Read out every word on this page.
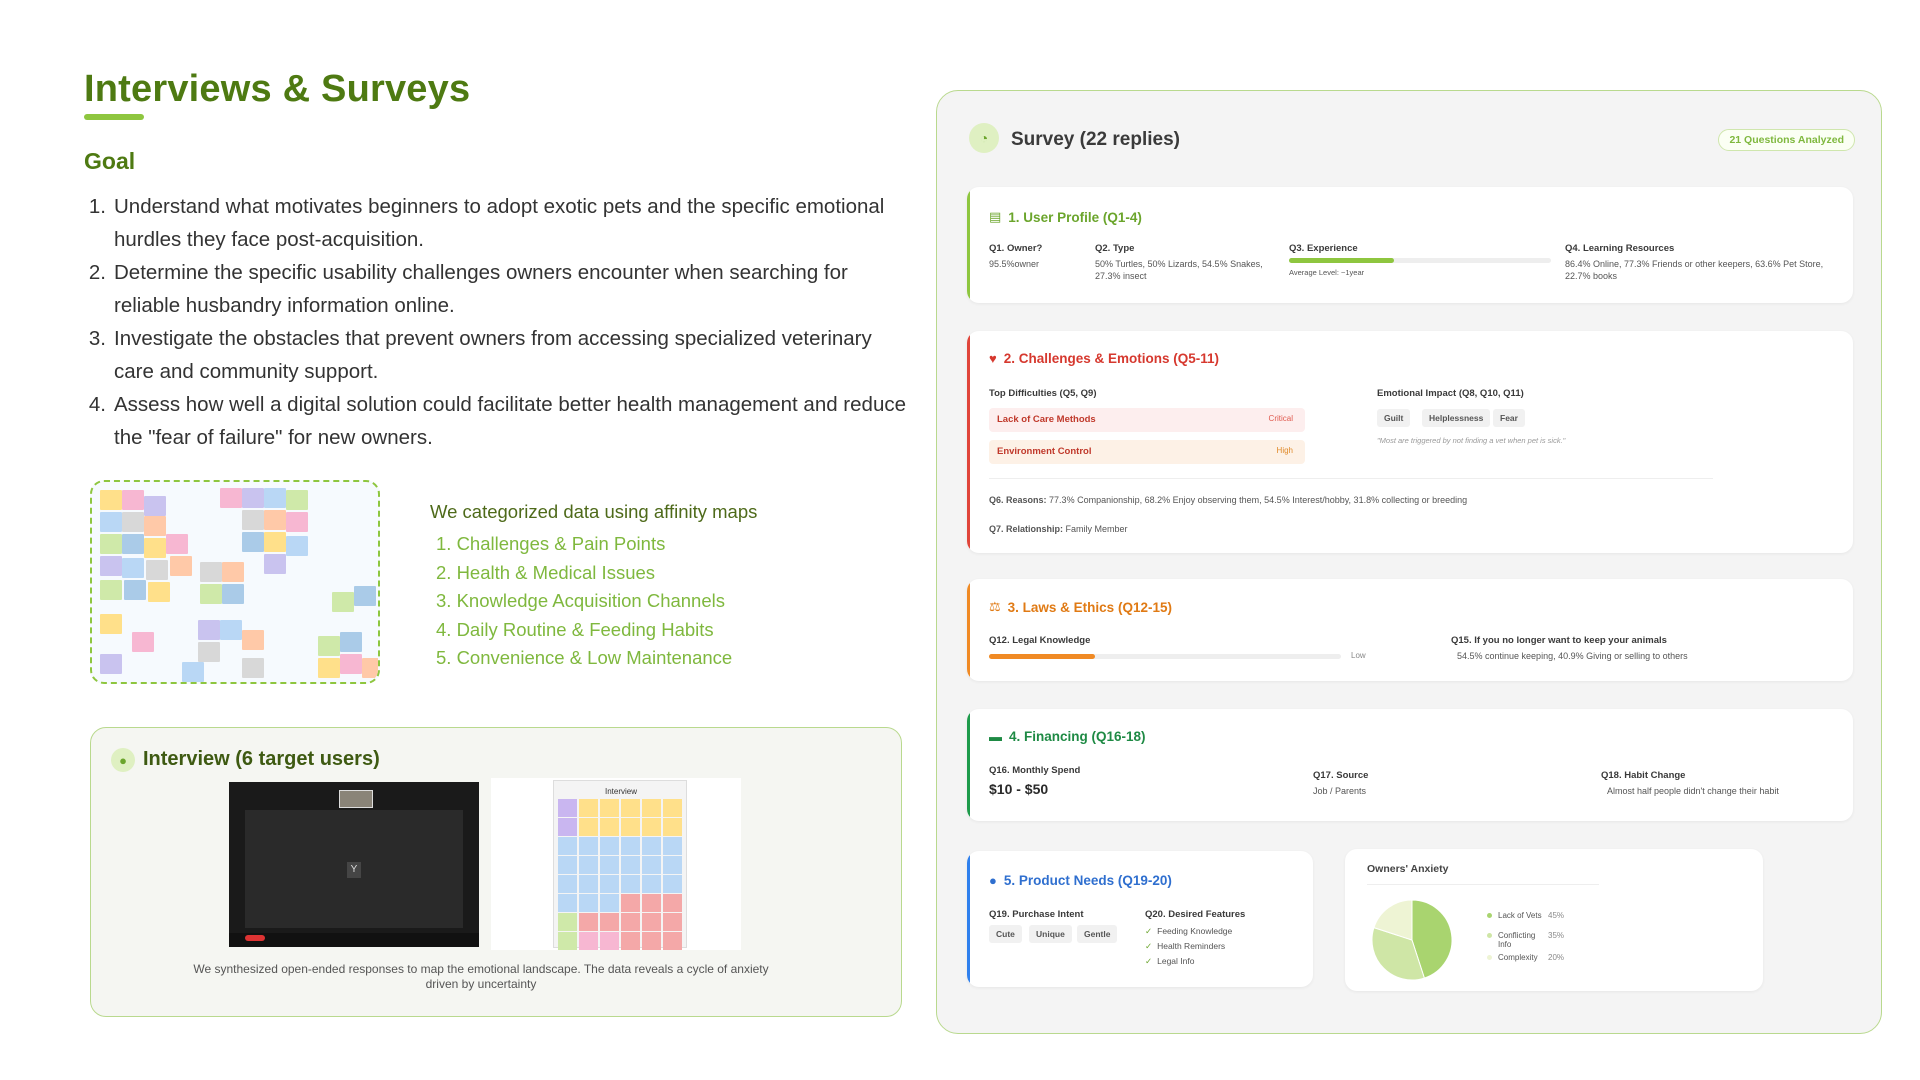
Interviews & Surveys
Goal
1. Understand what motivates beginners to adopt exotic pets and the specific emotional hurdles they face post-acquisition.
2. Determine the specific usability challenges owners encounter when searching for reliable husbandry information online.
3. Investigate the obstacles that prevent owners from accessing specialized veterinary care and community support.
4. Assess how well a digital solution could facilitate better health management and reduce the "fear of failure" for new owners.
We categorized data using affinity maps
1. Challenges & Pain Points
2. Health & Medical Issues
3. Knowledge Acquisition Channels
4. Daily Routine & Feeding Habits
5. Convenience & Low Maintenance
● Interview (6 target users)
Y
Interview
We synthesized open-ended responses to map the emotional landscape. The data reveals a cycle of anxiety driven by uncertainty
◔ Survey (22 replies)	21 Questions Analyzed
▤ 1. User Profile (Q1-4)
Q1. Owner?
95.5%owner
Q2. Type
50% Turtles, 50% Lizards, 54.5% Snakes, 27.3% insect
Q3. Experience
Average Level: ~1year
Q4. Learning Resources
86.4% Online, 77.3% Friends or other keepers, 63.6% Pet Store, 22.7% books
♥ 2. Challenges & Emotions (Q5-11)
Top Difficulties (Q5, Q9)
Lack of Care Methods	Critical
Environment Control	High
Emotional Impact (Q8, Q10, Q11)
Guilt	Helplessness	Fear
"Most are triggered by not finding a vet when pet is sick."
Q6. Reasons: 77.3% Companionship, 68.2% Enjoy observing them, 54.5% Interest/hobby, 31.8% collecting or breeding
Q7. Relationship: Family Member
⚖ 3. Laws & Ethics (Q12-15)
Q12. Legal Knowledge
Low
Q15. If you no longer want to keep your animals
54.5% continue keeping, 40.9% Giving or selling to others
▬ 4. Financing (Q16-18)
Q16. Monthly Spend
$10 - $50
Q17. Source
Job / Parents
Q18. Habit Change
Almost half people didn't change their habit
● 5. Product Needs (Q19-20)
Q19. Purchase Intent
Cute	Unique	Gentle
Q20. Desired Features
✓ Feeding Knowledge
✓ Health Reminders
✓ Legal Info
Owners' Anxiety
Lack of Vets 45%
Conflicting Info35%
Complexity 20%
